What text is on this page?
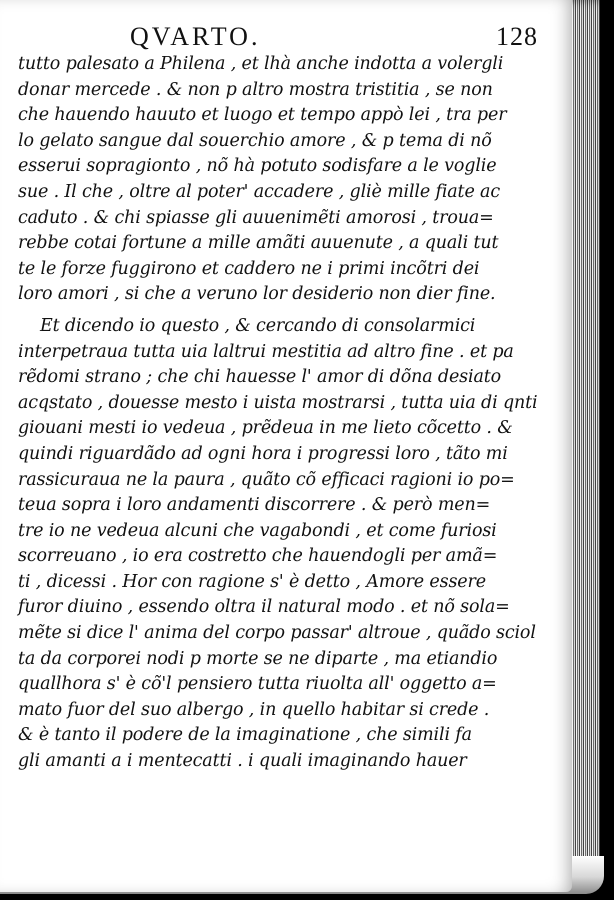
QVARTO.	128
tutto palesato a Philena , et lhà anche indotta a volergli
donar mercede . & non p altro mostra tristitia , se non
che hauendo hauuto et luogo et tempo appò lei , tra per
lo gelato sangue dal souerchio amore , & p tema di nõ
esserui sopragionto , nõ hà potuto sodisfare a le voglie
sue . Il che , oltre al poter' accadere , gliè mille fiate ac
caduto . & chi spiasse gli auuenimẽti amorosi , troua=
rebbe cotai fortune a mille amãti auuenute , a quali tut
te le forze fuggirono et caddero ne i primi incõtri dei
loro amori , si che a veruno lor desiderio non dier fine.
Et dicendo io questo , & cercando di consolarmici
interpetraua tutta uia laltrui mestitia ad altro fine . et pa
rẽdomi strano ; che chi hauesse l' amor di dõna desiato
acqstato , douesse mesto i uista mostrarsi , tutta uia di qnti
giouani mesti io vedeua , prẽdeua in me lieto cõcetto . &
quindi riguardãdo ad ogni hora i progressi loro , tãto mi
rassicuraua ne la paura , quãto cõ efficaci ragioni io po=
teua sopra i loro andamenti discorrere . & però men=
tre io ne vedeua alcuni che vagabondi , et come furiosi
scorreuano , io era costretto che hauendogli per amã=
ti , dicessi . Hor con ragione s' è detto , Amore essere
furor diuino , essendo oltra il natural modo . et nõ sola=
mẽte si dice l' anima del corpo passar' altroue , quãdo sciol
ta da corporei nodi p morte se ne diparte , ma etiandio
quallhora s' è cõ'l pensiero tutta riuolta all' oggetto a=
mato fuor del suo albergo , in quello habitar si crede .
& è tanto il podere de la imaginatione , che simili fa
gli amanti a i mentecatti . i quali imaginando hauer
